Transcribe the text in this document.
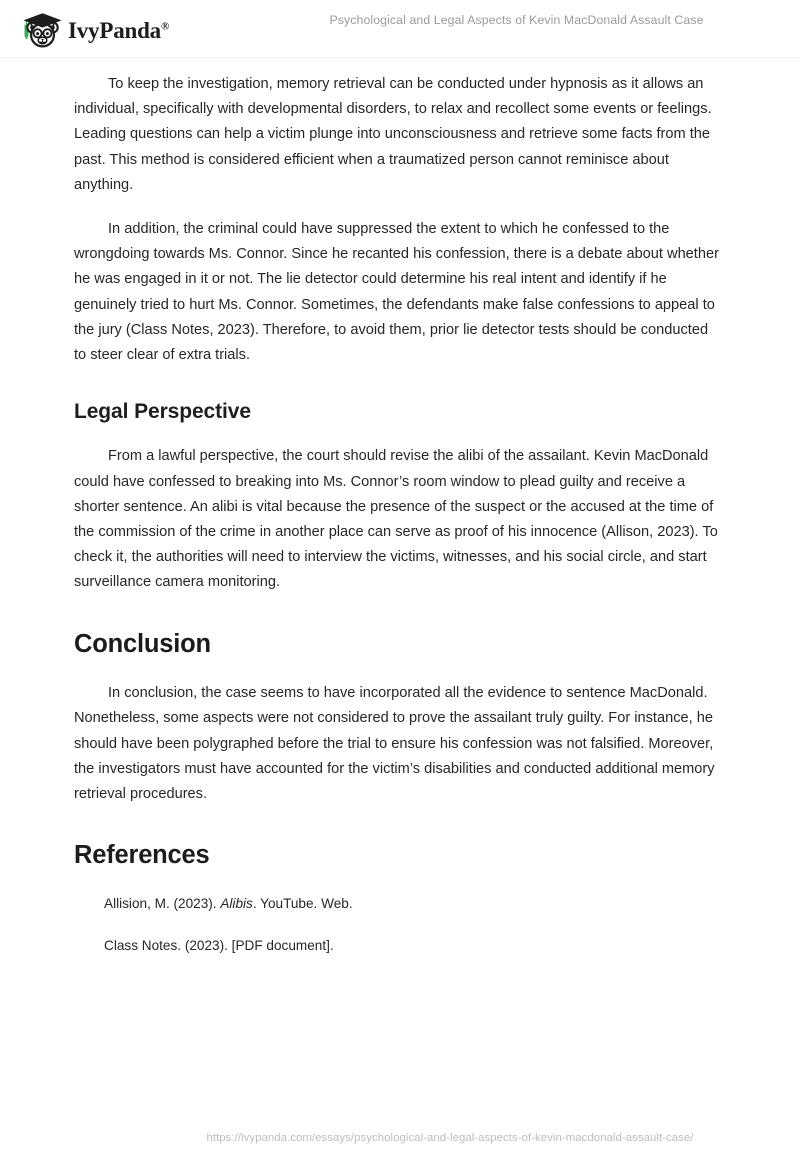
IvyPanda®	Psychological and Legal Aspects of Kevin MacDonald Assault Case

To keep the investigation, memory retrieval can be conducted under hypnosis as it allows an individual, specifically with developmental disorders, to relax and recollect some events or feelings. Leading questions can help a victim plunge into unconsciousness and retrieve some facts from the past. This method is considered efficient when a traumatized person cannot reminisce about anything.

In addition, the criminal could have suppressed the extent to which he confessed to the wrongdoing towards Ms. Connor. Since he recanted his confession, there is a debate about whether he was engaged in it or not. The lie detector could determine his real intent and identify if he genuinely tried to hurt Ms. Connor. Sometimes, the defendants make false confessions to appeal to the jury (Class Notes, 2023). Therefore, to avoid them, prior lie detector tests should be conducted to steer clear of extra trials.

Legal Perspective

From a lawful perspective, the court should revise the alibi of the assailant. Kevin MacDonald could have confessed to breaking into Ms. Connor’s room window to plead guilty and receive a shorter sentence. An alibi is vital because the presence of the suspect or the accused at the time of the commission of the crime in another place can serve as proof of his innocence (Allison, 2023). To check it, the authorities will need to interview the victims, witnesses, and his social circle, and start surveillance camera monitoring.

Conclusion

In conclusion, the case seems to have incorporated all the evidence to sentence MacDonald. Nonetheless, some aspects were not considered to prove the assailant truly guilty. For instance, he should have been polygraphed before the trial to ensure his confession was not falsified. Moreover, the investigators must have accounted for the victim’s disabilities and conducted additional memory retrieval procedures.

References
Allision, M. (2023). Alibis. YouTube. Web.
Class Notes. (2023). [PDF document].
https://ivypanda.com/essays/psychological-and-legal-aspects-of-kevin-macdonald-assault-case/
